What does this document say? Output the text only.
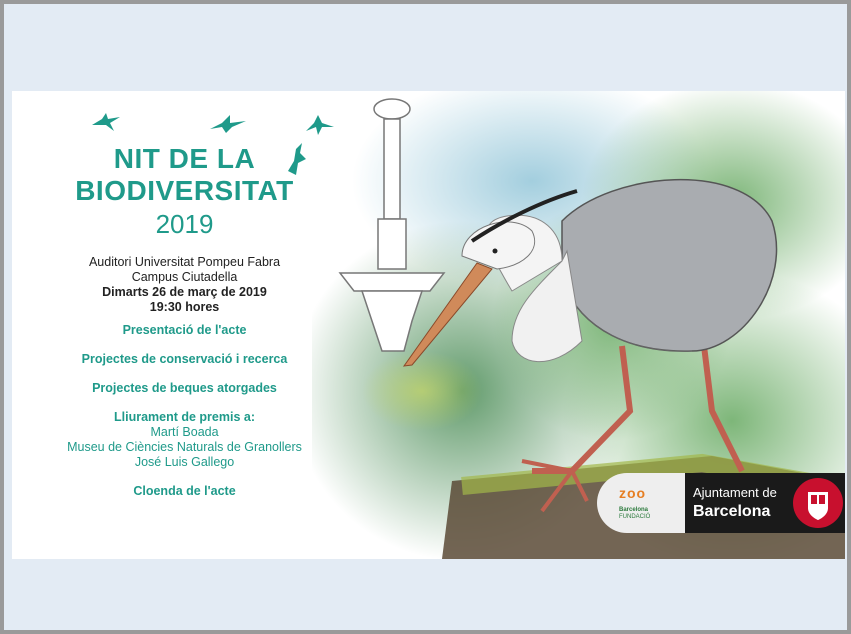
NIT DE LA
BIODIVERSITAT
2019
Auditori Universitat Pompeu Fabra
Campus Ciutadella
Dimarts 26 de març de 2019
19:30 hores
Presentació de l'acte
Projectes de conservació i recerca
Projectes de beques atorgades
Lliurament de premis a:
Martí Boada
Museu de Ciències Naturals de Granollers
José Luis Gallego
Cloenda de l'acte	zoo
Barcelona
FUNDACIÓ
Ajuntament de
Barcelona
